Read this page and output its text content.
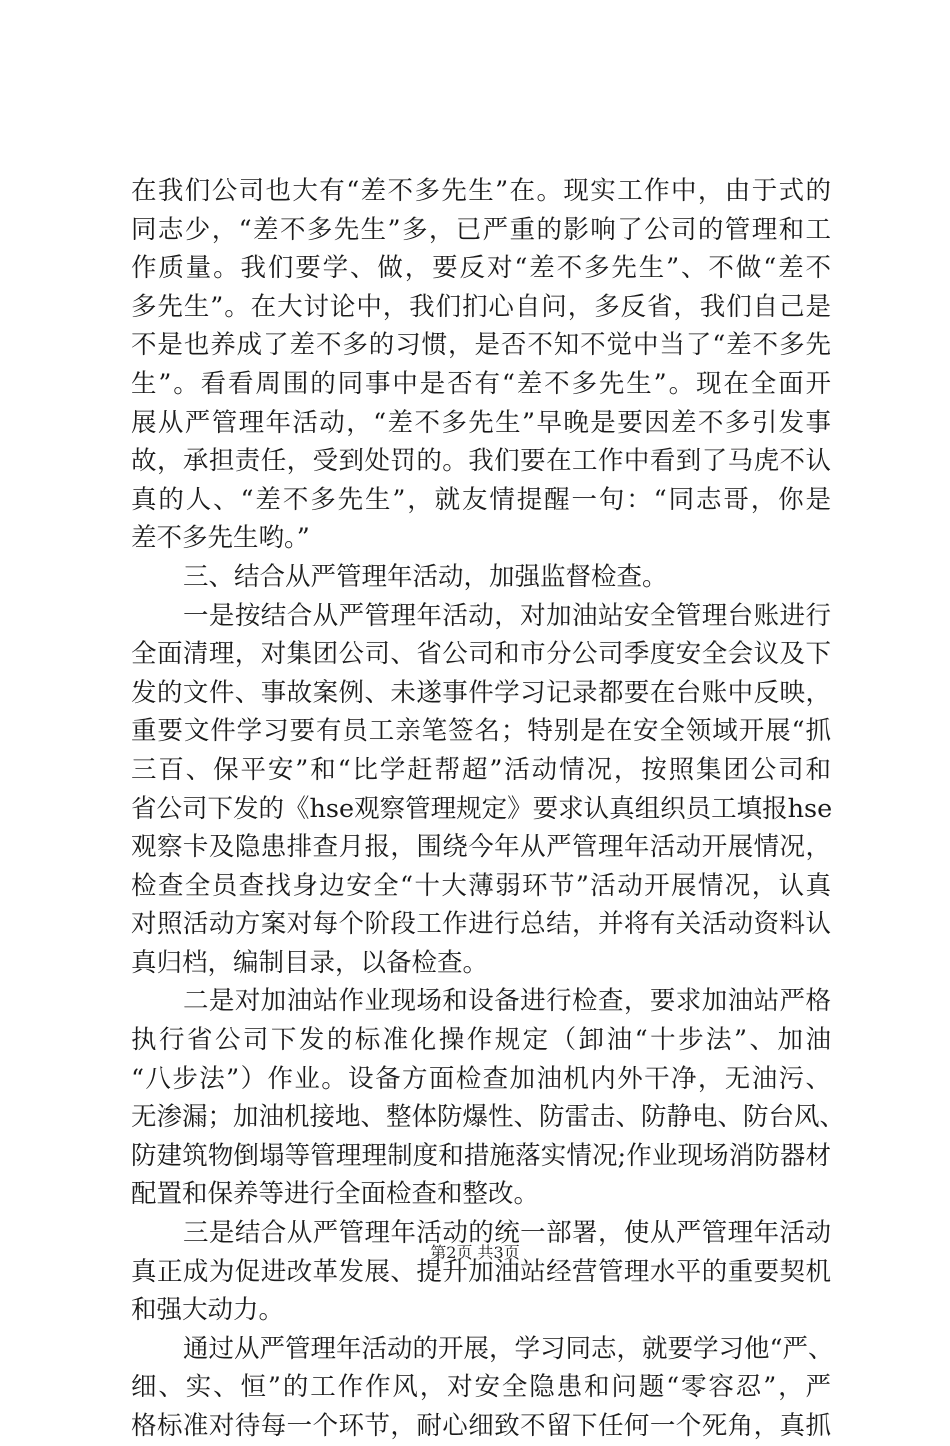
在我们公司也大有“差不多先生”在。现实工作中，由于式的
同志少，“差不多先生”多，已严重的影响了公司的管理和工
作质量。我们要学、做，要反对“差不多先生”、不做“差不
多先生”。在大讨论中，我们扪心自问，多反省，我们自己是
不是也养成了差不多的习惯，是否不知不觉中当了“差不多先
生”。看看周围的同事中是否有“差不多先生”。现在全面开
展从严管理年活动，“差不多先生”早晚是要因差不多引发事
故，承担责任，受到处罚的。我们要在工作中看到了马虎不认
真的人、“差不多先生”，就友情提醒一句：“同志哥，你是
差不多先生哟。”
三、结合从严管理年活动，加强监督检查。
一是按结合从严管理年活动，对加油站安全管理台账进行
全面清理，对集团公司、省公司和市分公司季度安全会议及下
发的文件、事故案例、未遂事件学习记录都要在台账中反映，
重要文件学习要有员工亲笔签名；特别是在安全领域开展“抓
三百、保平安”和“比学赶帮超”活动情况，按照集团公司和
省公司下发的《hse观察管理规定》要求认真组织员工填报hse
观察卡及隐患排查月报，围绕今年从严管理年活动开展情况，
检查全员查找身边安全“十大薄弱环节”活动开展情况，认真
对照活动方案对每个阶段工作进行总结，并将有关活动资料认
真归档，编制目录，以备检查。
二是对加油站作业现场和设备进行检查，要求加油站严格
执行省公司下发的标准化操作规定（卸油“十步法”、加油
“八步法”）作业。设备方面检查加油机内外干净，无油污、
无渗漏；加油机接地、整体防爆性、防雷击、防静电、防台风、
防建筑物倒塌等管理理制度和措施落实情况;作业现场消防器材
配置和保养等进行全面检查和整改。
三是结合从严管理年活动的统一部署，使从严管理年活动
真正成为促进改革发展、提升加油站经营管理水平的重要契机
和强大动力。
通过从严管理年活动的开展，学习同志，就要学习他“严、
细、实、恒”的工作作风，对安全隐患和问题“零容忍”，严
格标准对待每一个环节，耐心细致不留下任何一个死角，真抓
第2页 共3页
